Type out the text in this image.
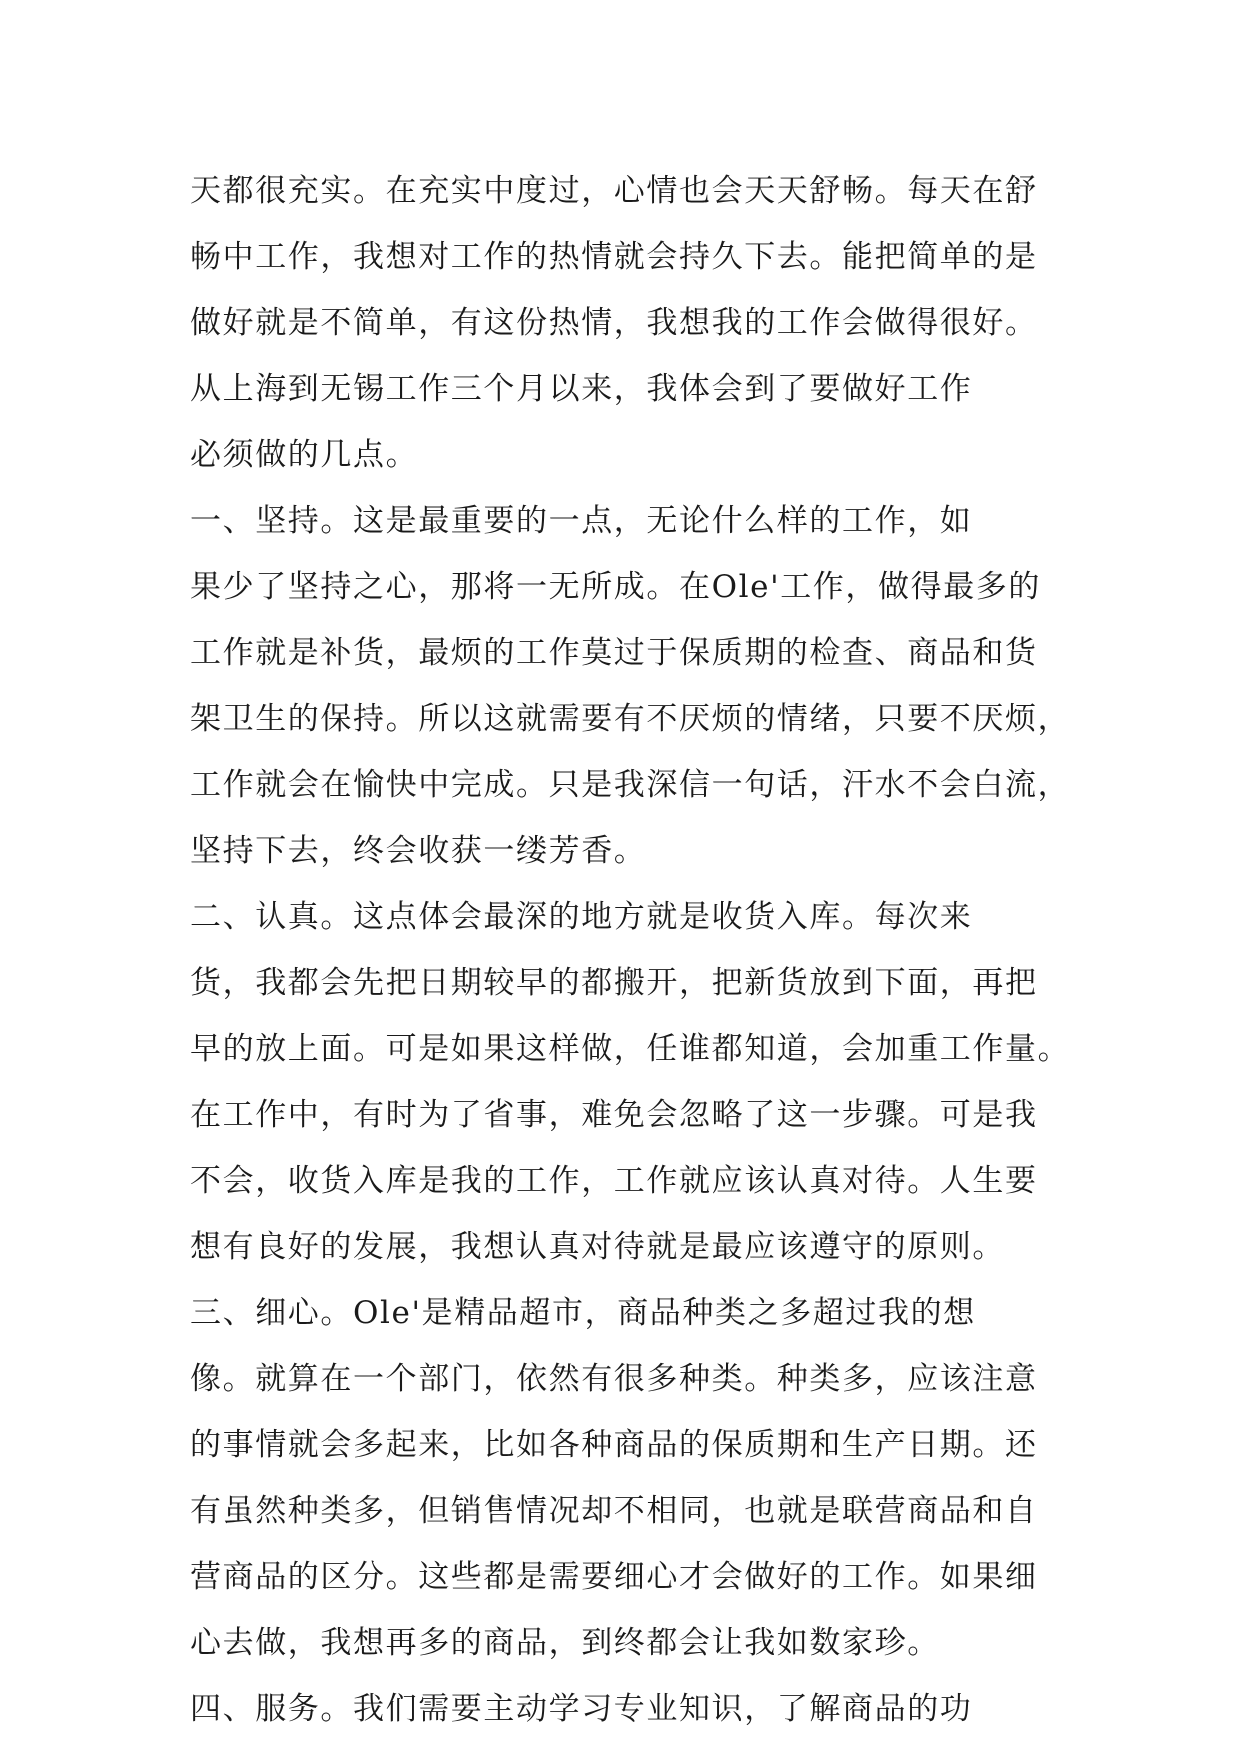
天都很充实。在充实中度过，心情也会天天舒畅。每天在舒
畅中工作，我想对工作的热情就会持久下去。能把简单的是
做好就是不简单，有这份热情，我想我的工作会做得很好。
从上海到无锡工作三个月以来，我体会到了要做好工作
必须做的几点。
一、坚持。这是最重要的一点，无论什么样的工作，如
果少了坚持之心，那将一无所成。在Ole'工作，做得最多的
工作就是补货，最烦的工作莫过于保质期的检查、商品和货
架卫生的保持。所以这就需要有不厌烦的情绪，只要不厌烦，
工作就会在愉快中完成。只是我深信一句话，汗水不会白流，
坚持下去，终会收获一缕芳香。
二、认真。这点体会最深的地方就是收货入库。每次来
货，我都会先把日期较早的都搬开，把新货放到下面，再把
早的放上面。可是如果这样做，任谁都知道，会加重工作量。
在工作中，有时为了省事，难免会忽略了这一步骤。可是我
不会，收货入库是我的工作，工作就应该认真对待。人生要
想有良好的发展，我想认真对待就是最应该遵守的原则。
三、细心。Ole'是精品超市，商品种类之多超过我的想
像。就算在一个部门，依然有很多种类。种类多，应该注意
的事情就会多起来，比如各种商品的保质期和生产日期。还
有虽然种类多，但销售情况却不相同，也就是联营商品和自
营商品的区分。这些都是需要细心才会做好的工作。如果细
心去做，我想再多的商品，到终都会让我如数家珍。
四、服务。我们需要主动学习专业知识，了解商品的功
